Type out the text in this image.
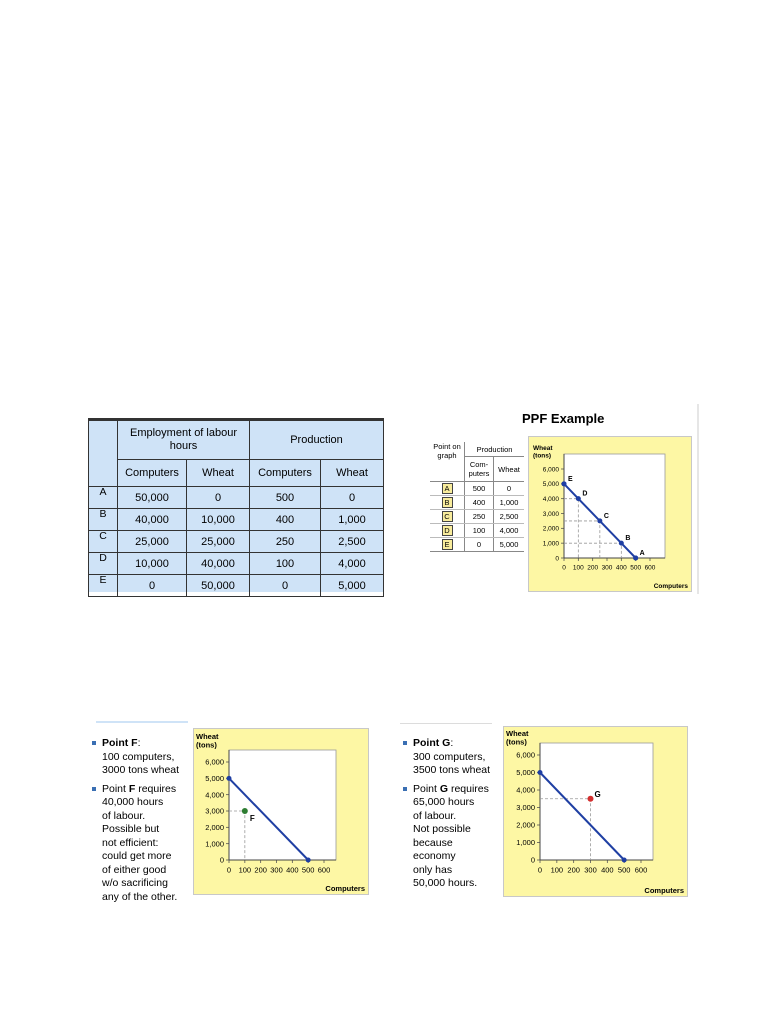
	Employment of labour hours		Production	
	Computers	Wheat	Computers	Wheat
A	50,000	0	500	0
B	40,000	10,000	400	1,000
C	25,000	25,000	250	2,500
D	10,000	40,000	100	4,000
E	0	50,000	0	5,000
PPF Example
Point on graph	Production	
	Com-puters	Wheat
A	500	0
B	400	1,000
C	250	2,500
D	100	4,000
E	0	5,000
Wheat
(tons)
0
1,000
2,000
3,000
4,000
5,000
6,000
0 100 200 300 400 500 600
Computers
E
D
C
B
A
Point F:
100 computers,
3000 tons wheat
Point F requires
40,000 hours
of labour.
Possible but
not efficient:
could get more
of either good
w/o sacrificing
any of the other.
Wheat
(tons)
0
1,000
2,000
3,000
4,000
5,000
6,000
0 100 200 300 400 500 600
Computers
F
Point G:
300 computers,
3500 tons wheat
Point G requires
65,000 hours
of labour.
Not possible
because
economy
only has
50,000 hours.
Wheat
(tons)
0
1,000
2,000
3,000
4,000
5,000
6,000
0 100 200 300 400 500 600
Computers
G
